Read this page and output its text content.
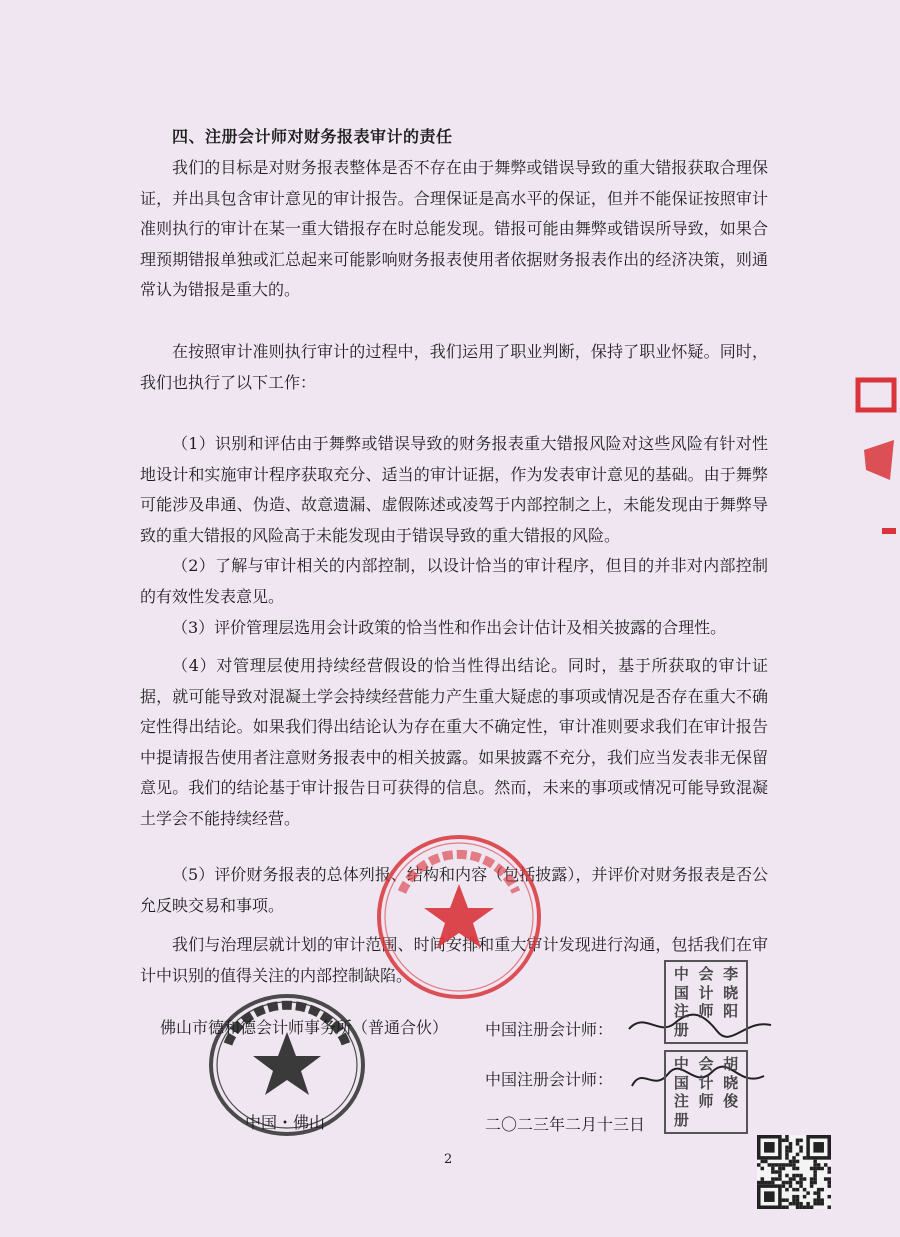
四、注册会计师对财务报表审计的责任

我们的目标是对财务报表整体是否不存在由于舞弊或错误导致的重大错报获取合理保证，并出具包含审计意见的审计报告。合理保证是高水平的保证，但并不能保证按照审计准则执行的审计在某一重大错报存在时总能发现。错报可能由舞弊或错误所导致，如果合理预期错报单独或汇总起来可能影响财务报表使用者依据财务报表作出的经济决策，则通常认为错报是重大的。

在按照审计准则执行审计的过程中，我们运用了职业判断，保持了职业怀疑。同时，我们也执行了以下工作：

（1）识别和评估由于舞弊或错误导致的财务报表重大错报风险对这些风险有针对性地设计和实施审计程序获取充分、适当的审计证据，作为发表审计意见的基础。由于舞弊可能涉及串通、伪造、故意遗漏、虚假陈述或凌驾于内部控制之上，未能发现由于舞弊导致的重大错报的风险高于未能发现由于错误导致的重大错报的风险。

（2）了解与审计相关的内部控制，以设计恰当的审计程序，但目的并非对内部控制的有效性发表意见。

（3）评价管理层选用会计政策的恰当性和作出会计估计及相关披露的合理性。

（4）对管理层使用持续经营假设的恰当性得出结论。同时，基于所获取的审计证据，就可能导致对混凝土学会持续经营能力产生重大疑虑的事项或情况是否存在重大不确定性得出结论。如果我们得出结论认为存在重大不确定性，审计准则要求我们在审计报告中提请报告使用者注意财务报表中的相关披露。如果披露不充分，我们应当发表非无保留意见。我们的结论基于审计报告日可获得的信息。然而，未来的事项或情况可能导致混凝土学会不能持续经营。

（5）评价财务报表的总体列报、结构和内容（包括披露），并评价对财务报表是否公允反映交易和事项。

我们与治理层就计划的审计范围、时间安排和重大审计发现进行沟通，包括我们在审计中识别的值得关注的内部控制缺陷。

佛山市德和德会计师事务所（普通合伙）
中国・佛山
中国注册会计师：
中国注册会计师：
中 会 李
国 计 晓
注 师 阳
册
中 会 胡
国 计 晓
注 师 俊
册
二〇二三年二月十三日
2
